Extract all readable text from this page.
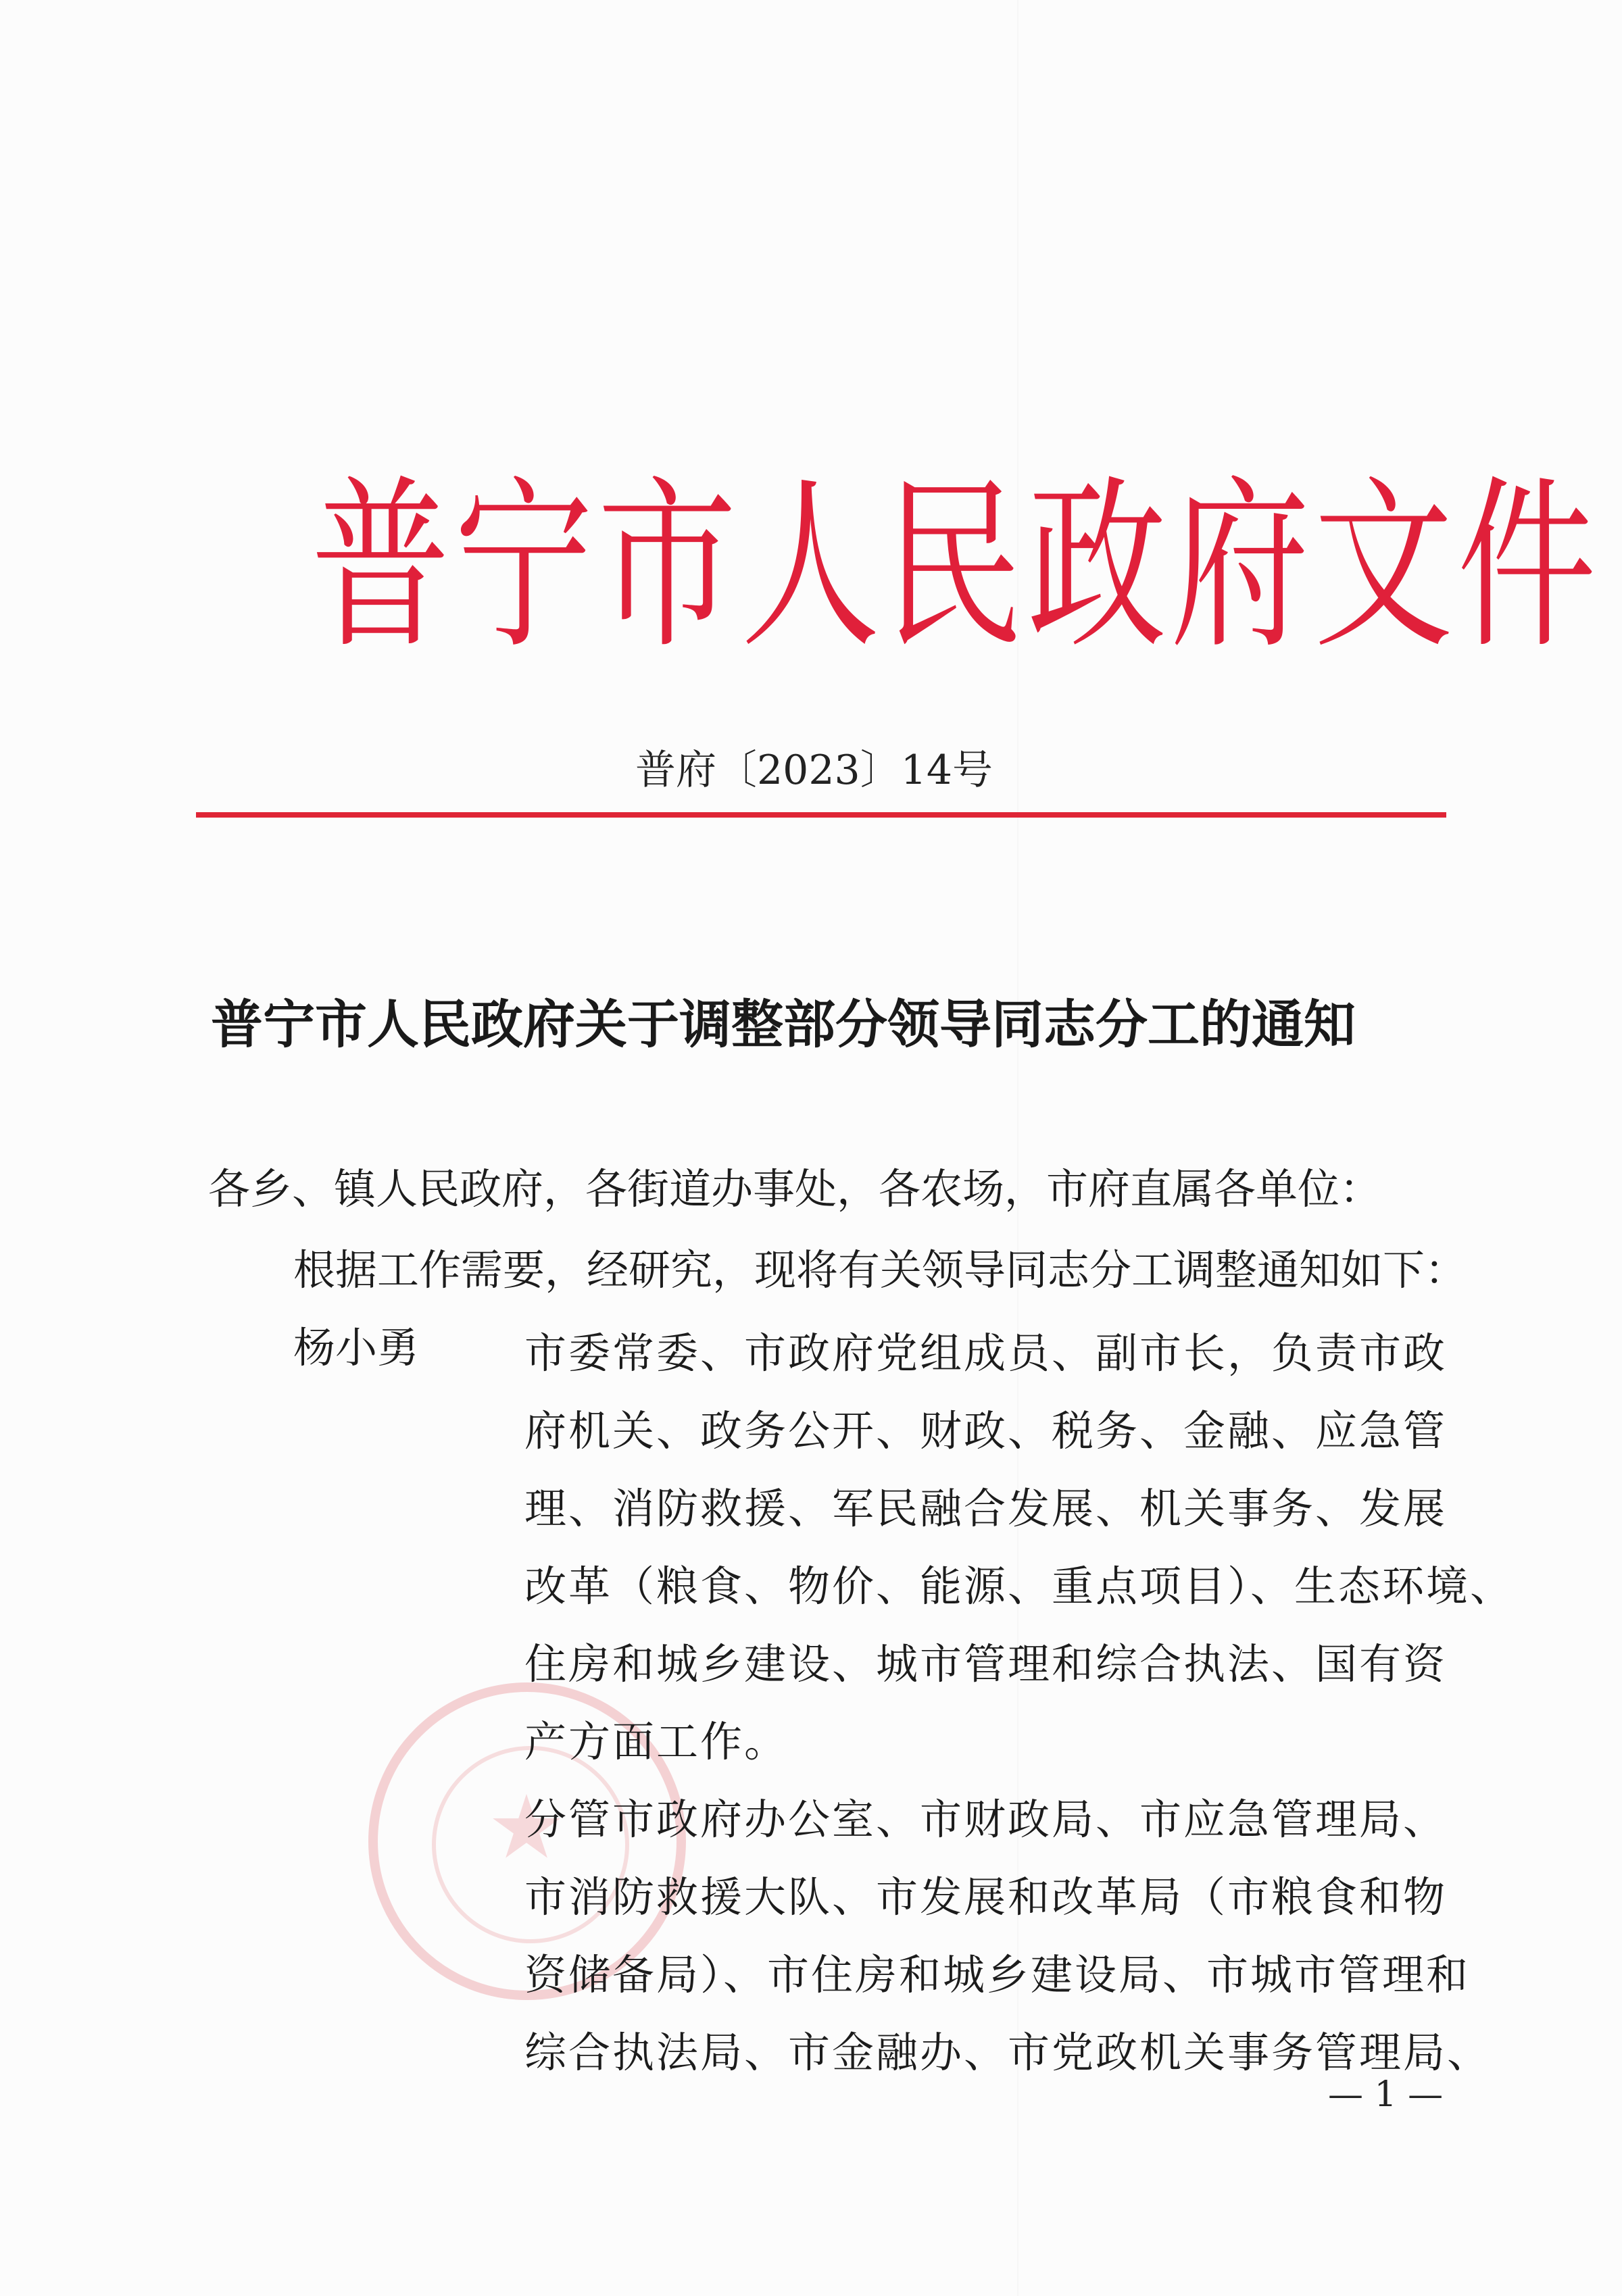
普宁市人民政府文件
普府〔2023〕14号
普宁市人民政府关于调整部分领导同志分工的通知
各乡、镇人民政府，各街道办事处，各农场，市府直属各单位：
根据工作需要，经研究，现将有关领导同志分工调整通知如下：
杨小勇
★
市委常委、市政府党组成员、副市长，负责市政
府机关、政务公开、财政、税务、金融、应急管
理、消防救援、军民融合发展、机关事务、发展
改革（粮食、物价、能源、重点项目）、生态环境、
住房和城乡建设、城市管理和综合执法、国有资
产方面工作。
分管市政府办公室、市财政局、市应急管理局、
市消防救援大队、市发展和改革局（市粮食和物
资储备局）、市住房和城乡建设局、市城市管理和
综合执法局、市金融办、市党政机关事务管理局、
— 1 —
